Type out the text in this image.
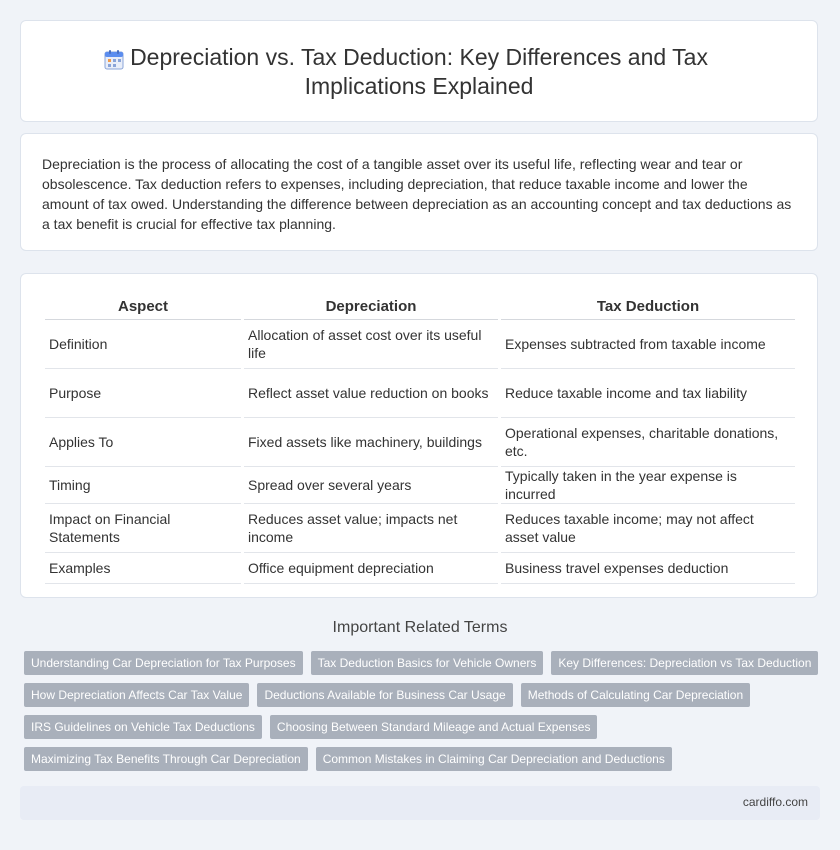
Depreciation vs. Tax Deduction: Key Differences and Tax
Implications Explained

Depreciation is the process of allocating the cost of a tangible asset over its useful life, reflecting wear and tear or obsolescence. Tax deduction refers to expenses, including depreciation, that reduce taxable income and lower the amount of tax owed. Understanding the difference between depreciation as an accounting concept and tax deductions as a tax benefit is crucial for effective tax planning.

Aspect	Depreciation	Tax Deduction
Definition	Allocation of asset cost over its useful life	Expenses subtracted from taxable income
Purpose	Reflect asset value reduction on books	Reduce taxable income and tax liability
Applies To	Fixed assets like machinery, buildings	Operational expenses, charitable donations, etc.
Timing	Spread over several years	Typically taken in the year expense is incurred
Impact on Financial Statements	Reduces asset value; impacts net income	Reduces taxable income; may not affect asset value
Examples	Office equipment depreciation	Business travel expenses deduction
Important Related Terms
Understanding Car Depreciation for Tax Purposes	Tax Deduction Basics for Vehicle Owners	Key Differences: Depreciation vs Tax Deduction
How Depreciation Affects Car Tax Value	Deductions Available for Business Car Usage	Methods of Calculating Car Depreciation
IRS Guidelines on Vehicle Tax Deductions	Choosing Between Standard Mileage and Actual Expenses
Maximizing Tax Benefits Through Car Depreciation	Common Mistakes in Claiming Car Depreciation and Deductions
cardiffo.com
